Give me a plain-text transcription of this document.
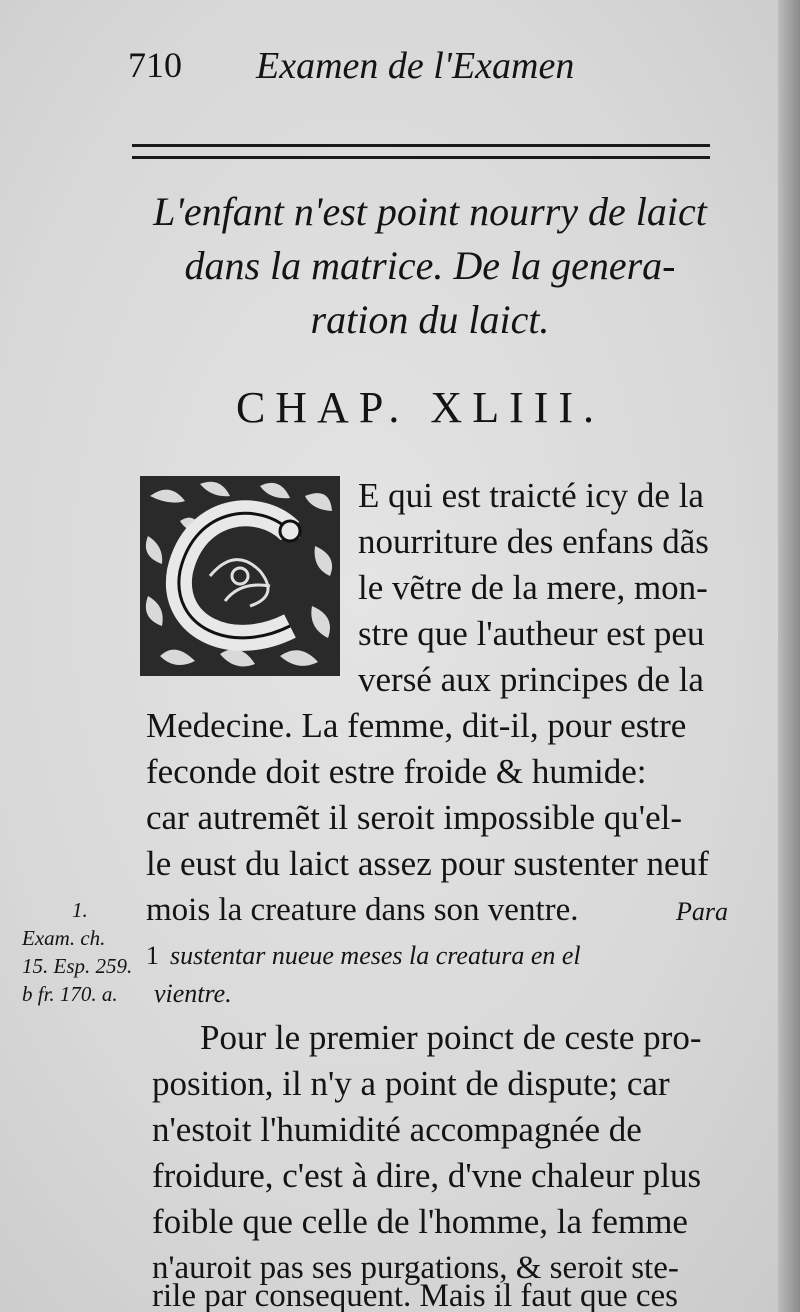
710 Examen de l'Examen
L'enfant n'est point nourry de laict
dans la matrice. De la genera-
ration du laict.
CHAP. XLIII.
E qui est traicté icy de la
nourriture des enfans dãs
le vẽtre de la mere, mon-
stre que l'autheur est peu
versé aux principes de la
Medecine. La femme, dit-il, pour estre
feconde doit estre froide & humide:
car autremẽt il seroit impossible qu'el-
le eust du laict assez pour sustenter neuf
mois la creature dans son ventre.	Para
1 sustentar nueue meses la creatura en el
vientre.
Pour le premier poinct de ceste pro-
position, il n'y a point de dispute; car
n'estoit l'humidité accompagnée de
froidure, c'est à dire, d'vne chaleur plus
foible que celle de l'homme, la femme
n'auroit pas ses purgations, & seroit ste-
rile par consequent. Mais il faut que ces
1.
Exam. ch.
15. Esp. 259.
b fr. 170. a.
